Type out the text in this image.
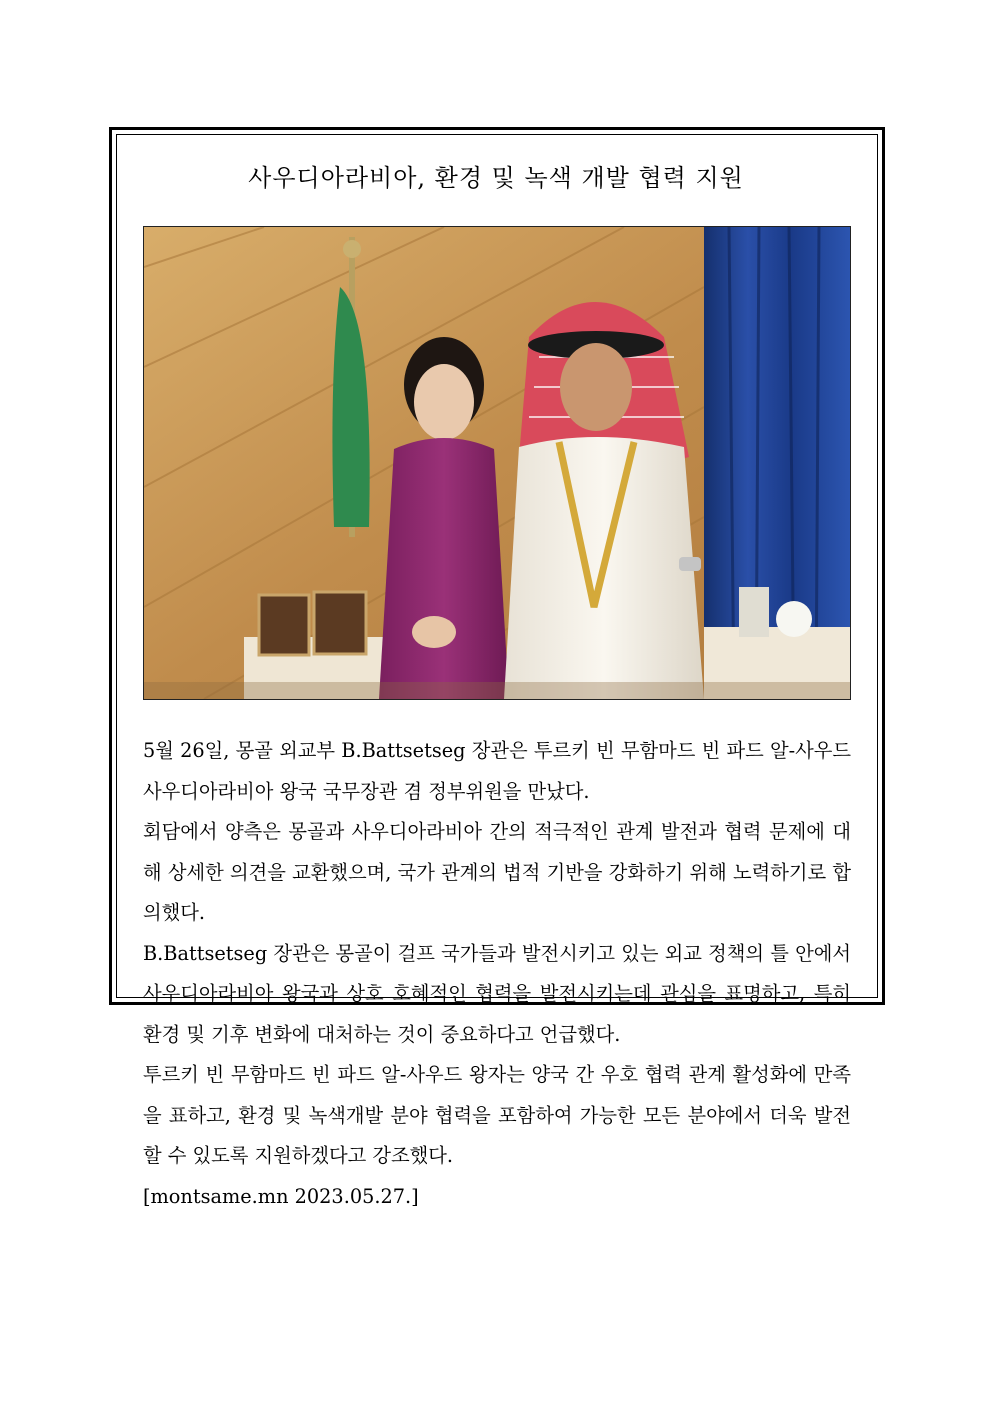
사우디아라비아, 환경 및 녹색 개발 협력 지원

5월 26일, 몽골 외교부 B.Battsetseg 장관은 투르키 빈 무함마드 빈 파드 알-사우드 사우디아라비아 왕국 국무장관 겸 정부위원을 만났다.

회담에서 양측은 몽골과 사우디아라비아 간의 적극적인 관계 발전과 협력 문제에 대해 상세한 의견을 교환했으며, 국가 관계의 법적 기반을 강화하기 위해 노력하기로 합의했다.

B.Battsetseg 장관은 몽골이 걸프 국가들과 발전시키고 있는 외교 정책의 틀 안에서 사우디아라비아 왕국과 상호 호혜적인 협력을 발전시키는데 관심을 표명하고, 특히 환경 및 기후 변화에 대처하는 것이 중요하다고 언급했다.

투르키 빈 무함마드 빈 파드 알-사우드 왕자는 양국 간 우호 협력 관계 활성화에 만족을 표하고, 환경 및 녹색개발 분야 협력을 포함하여 가능한 모든 분야에서 더욱 발전할 수 있도록 지원하겠다고 강조했다.

[montsame.mn 2023.05.27.]
